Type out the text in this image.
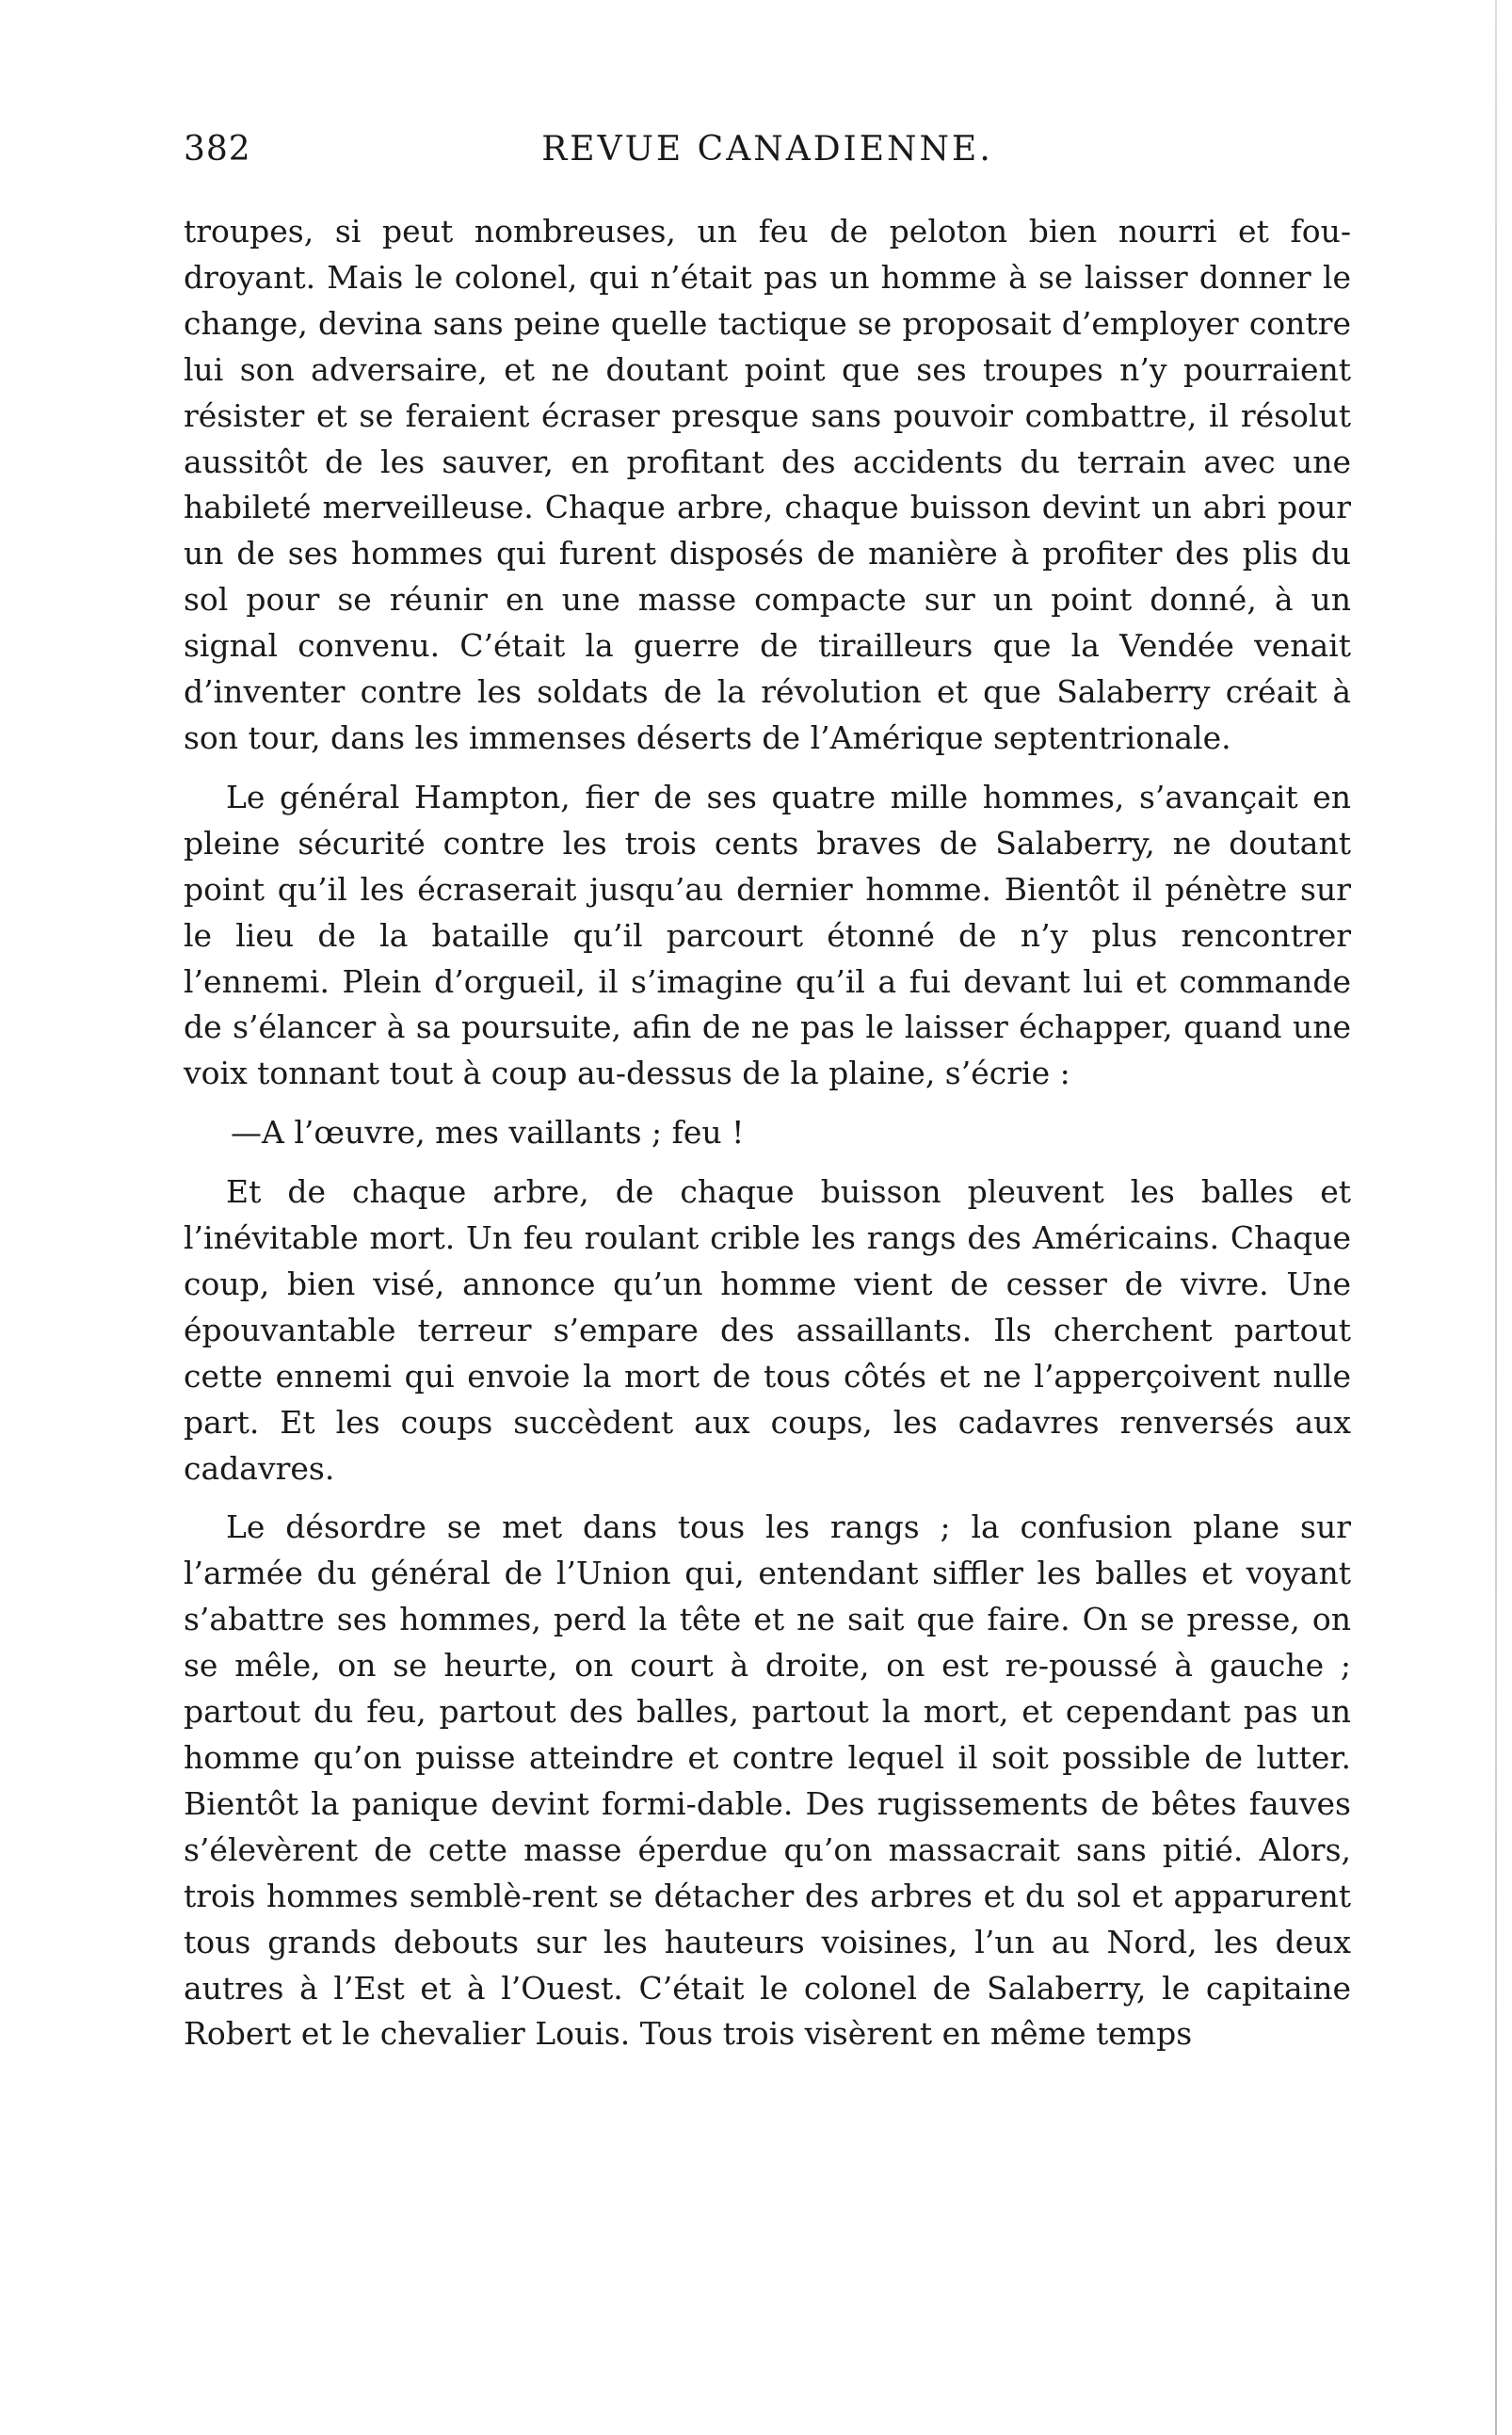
382	REVUE CANADIENNE.

troupes, si peut nombreuses, un feu de peloton bien nourri et fou-droyant. Mais le colonel, qui n’était pas un homme à se laisser donner le change, devina sans peine quelle tactique se proposait d’employer contre lui son adversaire, et ne doutant point que ses troupes n’y pourraient résister et se feraient écraser presque sans pouvoir combattre, il résolut aussitôt de les sauver, en profitant des accidents du terrain avec une habileté merveilleuse. Chaque arbre, chaque buisson devint un abri pour un de ses hommes qui furent disposés de manière à profiter des plis du sol pour se réunir en une masse compacte sur un point donné, à un signal convenu. C’était la guerre de tirailleurs que la Vendée venait d’inventer contre les soldats de la révolution et que Salaberry créait à son tour, dans les immenses déserts de l’Amérique septentrionale.

Le général Hampton, fier de ses quatre mille hommes, s’avançait en pleine sécurité contre les trois cents braves de Salaberry, ne doutant point qu’il les écraserait jusqu’au dernier homme. Bientôt il pénètre sur le lieu de la bataille qu’il parcourt étonné de n’y plus rencontrer l’ennemi. Plein d’orgueil, il s’imagine qu’il a fui devant lui et commande de s’élancer à sa poursuite, afin de ne pas le laisser échapper, quand une voix tonnant tout à coup au-dessus de la plaine, s’écrie :

—A l’œuvre, mes vaillants ; feu !

Et de chaque arbre, de chaque buisson pleuvent les balles et l’inévitable mort. Un feu roulant crible les rangs des Américains. Chaque coup, bien visé, annonce qu’un homme vient de cesser de vivre. Une épouvantable terreur s’empare des assaillants. Ils cherchent partout cette ennemi qui envoie la mort de tous côtés et ne l’apperçoivent nulle part. Et les coups succèdent aux coups, les cadavres renversés aux cadavres.

Le désordre se met dans tous les rangs ; la confusion plane sur l’armée du général de l’Union qui, entendant siffler les balles et voyant s’abattre ses hommes, perd la tête et ne sait que faire. On se presse, on se mêle, on se heurte, on court à droite, on est re-poussé à gauche ; partout du feu, partout des balles, partout la mort, et cependant pas un homme qu’on puisse atteindre et contre lequel il soit possible de lutter. Bientôt la panique devint formi-dable. Des rugissements de bêtes fauves s’élevèrent de cette masse éperdue qu’on massacrait sans pitié. Alors, trois hommes semblè-rent se détacher des arbres et du sol et apparurent tous grands debouts sur les hauteurs voisines, l’un au Nord, les deux autres à l’Est et à l’Ouest. C’était le colonel de Salaberry, le capitaine Robert et le chevalier Louis. Tous trois visèrent en même temps
